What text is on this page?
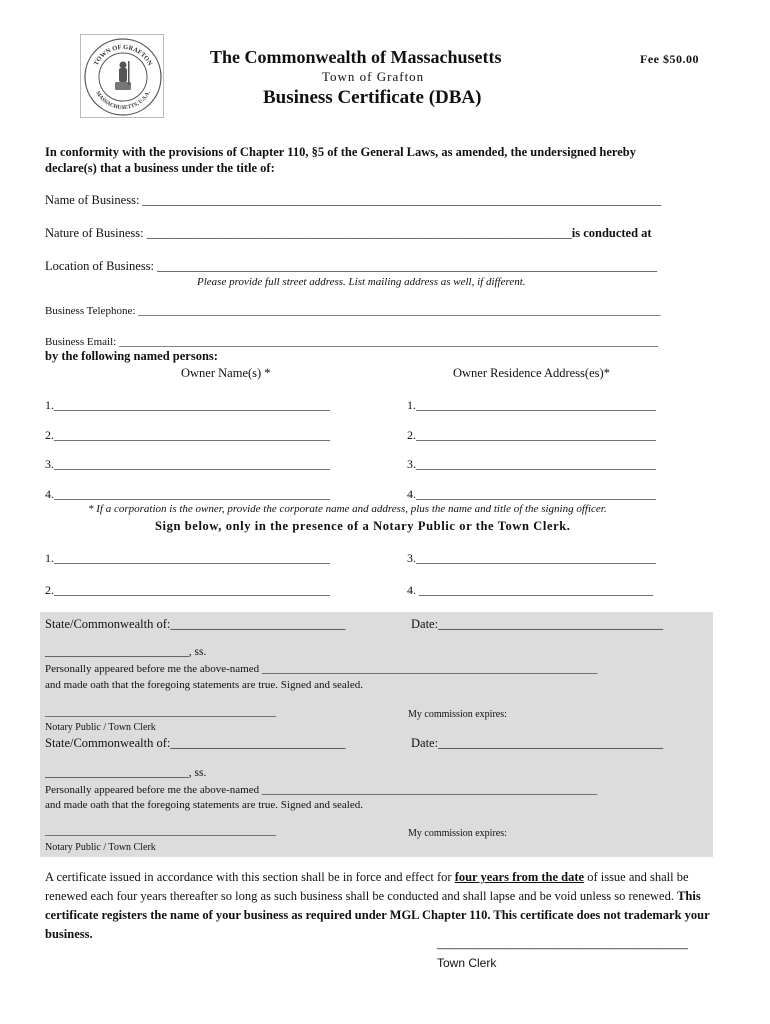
TOWN OF GRAFTON
MASSACHUSETTS, U.S.A.
The Commonwealth of Massachusetts	Fee $50.00
Town of Grafton
Business Certificate (DBA)
In conformity with the provisions of Chapter 110, §5 of the General Laws, as amended, the undersigned hereby
declare(s) that a business under the title of:
Name of Business: ___________________________________________________________________________________
Nature of Business: ____________________________________________________________________is conducted at
Location of Business: ________________________________________________________________________________
Please provide full street address. List mailing address as well, if different.
Business Telephone: _______________________________________________________________________________________________
Business Email: __________________________________________________________________________________________________
by the following named persons:
Owner Name(s) *	Owner Residence Address(es)*
1.______________________________________________	1.________________________________________
2.______________________________________________	2.________________________________________
3.______________________________________________	3.________________________________________
4.______________________________________________	4.________________________________________
* If a corporation is the owner, provide the corporate name and address, plus the name and title of the signing officer.
Sign below, only in the presence of a Notary Public or the Town Clerk.
1.______________________________________________	3.________________________________________
2.______________________________________________	4. _______________________________________
State/Commonwealth of:____________________________	Date:____________________________________
_________________________, ss.
Personally appeared before me the above-named _____________________________________________________________
and made oath that the foregoing statements are true. Signed and sealed.
__________________________________________	My commission expires:
Notary Public / Town Clerk
State/Commonwealth of:____________________________	Date:____________________________________
_________________________, ss.
Personally appeared before me the above-named _____________________________________________________________
and made oath that the foregoing statements are true. Signed and sealed.
__________________________________________	My commission expires:
Notary Public / Town Clerk
A certificate issued in accordance with this section shall be in force and effect for four years from the date of issue and shall be renewed each four years thereafter so long as such business shall be conducted and shall lapse and be void unless so renewed. This certificate registers the name of your business as required under MGL Chapter 110. This certificate does not trademark your business.
_________________________________________
Town Clerk
